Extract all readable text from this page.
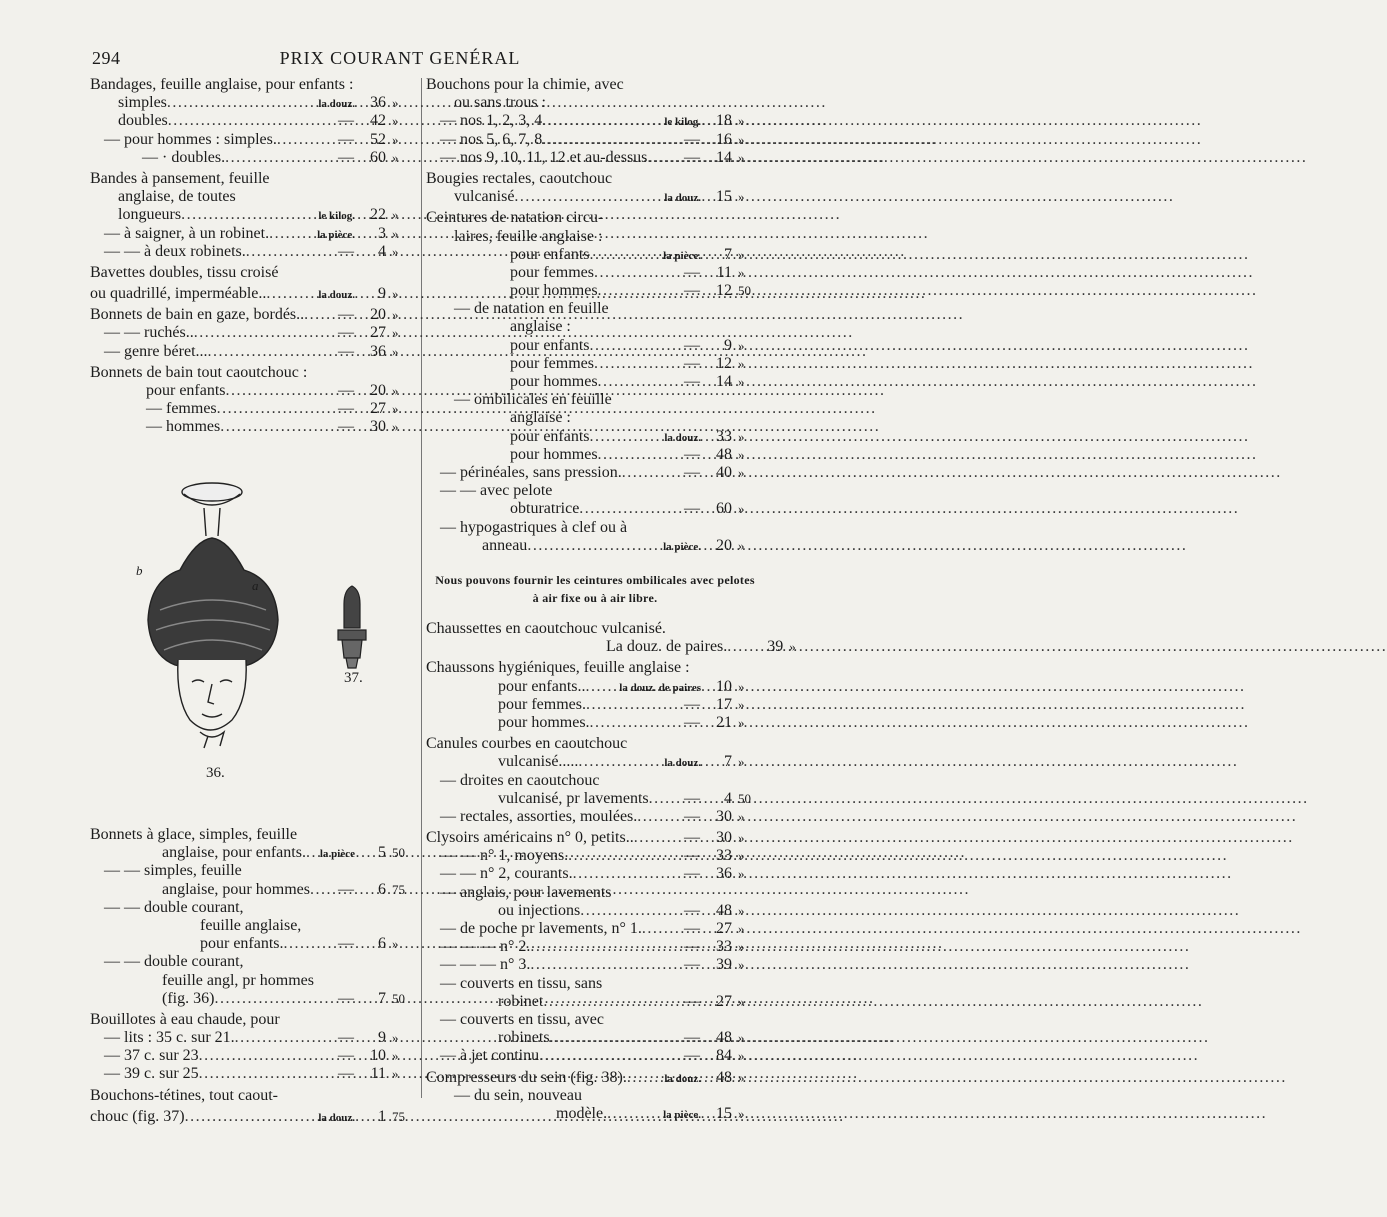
294	PRIX COURANT GENÉRAL
Bandages, feuille anglaise, pour enfants :
simples .....	la douz. 36 »
doubles .....	—	42 »
— pour hommes : simples. .....	—	52 »
— · doubles. .....	—	60 »
Bandes à pansement, feuille
anglaise, de toutes
longueurs .....	le kilog. 22 »
— à saigner, à un robinet. .....	la pièce.	3 »
— — à deux robinets. .....	—	4 »
Bavettes doubles, tissu croisé
ou quadrillé, imperméable.. .....	la douz.	9 »
Bonnets de bain en gaze, bordés.. ..... —	20 »
— — ruchés.. .....	—	27 »
— genre béret... .....	—	36 »
Bonnets de bain tout caoutchouc :
pour enfants .....	—	20 »
— femmes .....	—	27 »
— hommes .....	—	30 »
Bonnets à glace, simples, feuille
anglaise, pour enfants. ..... la pièce	5 50
— — simples, feuille
anglaise, pour hommes ..... —	6 75
— — double courant,
feuille anglaise,
pour enfants. .....	—	6 »
— — double courant,
feuille angl, pr hommes
(fig. 36) .....	—	7 50
Bouillotes à eau chaude, pour
— lits : 35 c. sur 21. .....	—	9 »
— 37 c. sur 23 .....	—	10 »
— 39 c. sur 25 .....	—	11 »
Bouchons-tétines, tout caout-
chouc (fig. 37) .....	la douz.	1 75
Bouchons pour la chimie, avec
ou sans trous :
— nos 1, 2, 3, 4 .....	le kilog. 18 »
— nos 5, 6, 7, 8 .....	—	16 »
— nos 9, 10, 11, 12 et au-dessus ..... —	14 »
Bougies rectales, caoutchouc
vulcanisé .....	la douz. 15 »
Ceintures de natation circu-
laires, feuille anglaise :
pour enfants .....	la pièce.	7 »
pour femmes .....	—	11 »
pour hommes .....	—	12 50
— de natation en feuille
anglaise :
pour enfants .....	—	9 »
pour femmes .....	—	12 »
pour hommes .....	—	14 »
— ombilicales en feuille
anglaise :
pour enfants .....	la douz. 33 »
pour hommes .....	—	48 »
— périnéales, sans pression. .....	—	40 »
— — avec pelote
obturatrice .....	—	60 »
— hypogastriques à clef ou à
anneau .....	la pièce. 20 »
Nous pouvons fournir les ceintures ombilicales avec pelotes
à air fixe ou à air libre.
Chaussettes en caoutchouc vulcanisé.
La douz. de paires. .....	39 »
Chaussons hygiéniques, feuille anglaise :
pour enfants.. .....	la douz. de paires 10 »
pour femmes. .....	—	17 »
pour hommes. .....	—	21 »
Canules courbes en caoutchouc
vulcanisé..... .....	la douz.	7 »
— droites en caoutchouc
vulcanisé, pr lavements ..... —	4 50
— rectales, assorties, moulées. .....	—	30 »
Clysoirs américains n° 0, petits.. .....	—	30 »
— — n° 1, moyens. .....	—	33 »
— — n° 2, courants. .....	—	36 »
— anglais, pour lavements
ou injections .....	—	48 »
— de poche pr lavements, n° 1. .....	—	27 »
— — — n° 2. .....	—	33 »
— — — n° 3. .....	—	39 »
— couverts en tissu, sans
robinet .....	—	27 »
— couverts en tissu, avec
robinets .....	—	48 »
— à jet continu .....	—	84 »
Compresseurs du sein (fig. 38). .....	la douz. 48 »
— du sein, nouveau
modèle. .....	la pièce. 15 »
b
a
36.
37.
